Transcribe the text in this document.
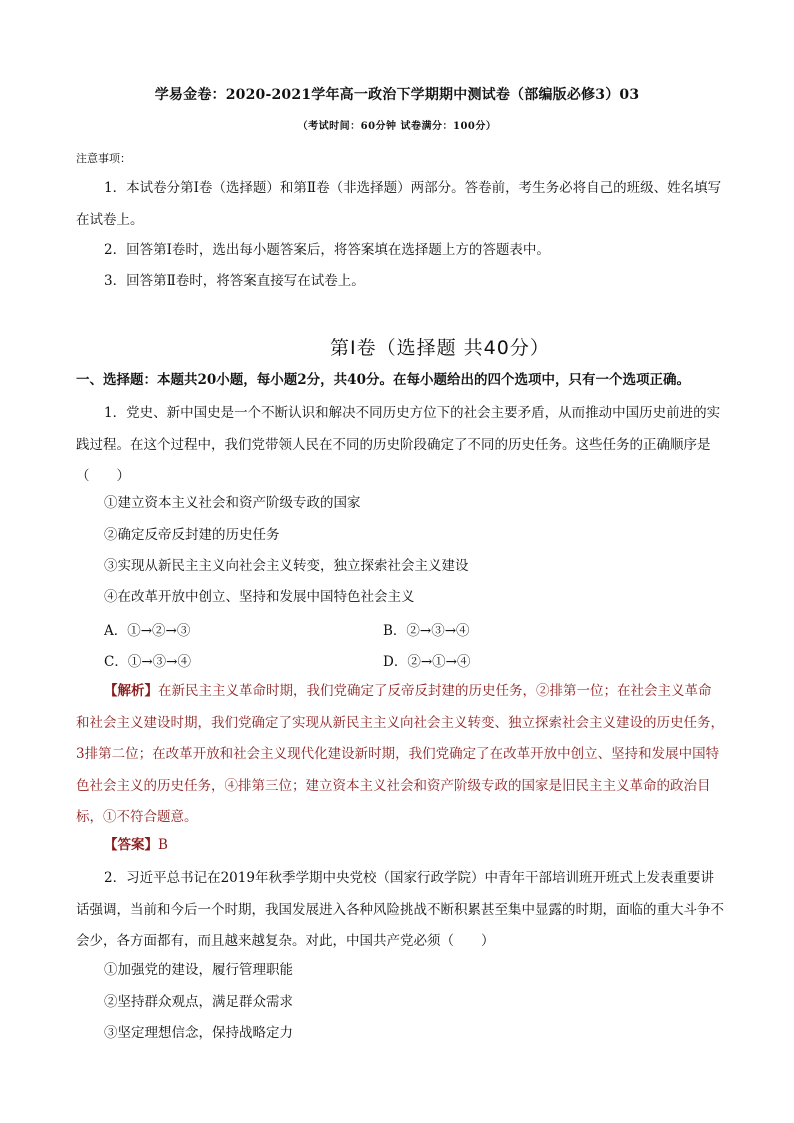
学易金卷：2020-2021学年高一政治下学期期中测试卷（部编版必修3）03
（考试时间：60分钟 试卷满分：100分）
注意事项：
1．本试卷分第Ⅰ卷（选择题）和第Ⅱ卷（非选择题）两部分。答卷前，考生务必将自己的班级、姓名填写在试卷上。
2．回答第Ⅰ卷时，选出每小题答案后，将答案填在选择题上方的答题表中。
3．回答第Ⅱ卷时，将答案直接写在试卷上。
第Ⅰ卷（选择题 共40分）
一、选择题：本题共20小题，每小题2分，共40分。在每小题给出的四个选项中，只有一个选项正确。
1．党史、新中国史是一个不断认识和解决不同历史方位下的社会主要矛盾，从而推动中国历史前进的实践过程。在这个过程中，我们党带领人民在不同的历史阶段确定了不同的历史任务。这些任务的正确顺序是（　　）
①建立资本主义社会和资产阶级专政的国家
②确定反帝反封建的历史任务
③实现从新民主主义向社会主义转变，独立探索社会主义建设
④在改革开放中创立、坚持和发展中国特色社会主义
A．①→②→③	B．②→③→④
C．①→③→④	D．②→①→④
【解析】在新民主主义革命时期，我们党确定了反帝反封建的历史任务，②排第一位；在社会主义革命和社会主义建设时期，我们党确定了实现从新民主主义向社会主义转变、独立探索社会主义建设的历史任务，3排第二位；在改革开放和社会主义现代化建设新时期，我们党确定了在改革开放中创立、坚持和发展中国特色社会主义的历史任务，④排第三位；建立资本主义社会和资产阶级专政的国家是旧民主主义革命的政治目标，①不符合题意。
【答案】B
2．习近平总书记在2019年秋季学期中央党校（国家行政学院）中青年干部培训班开班式上发表重要讲话强调，当前和今后一个时期，我国发展进入各种风险挑战不断积累甚至集中显露的时期，面临的重大斗争不会少，各方面都有，而且越来越复杂。对此，中国共产党必须（　　）
①加强党的建设，履行管理职能
②坚持群众观点，满足群众需求
③坚定理想信念，保持战略定力
